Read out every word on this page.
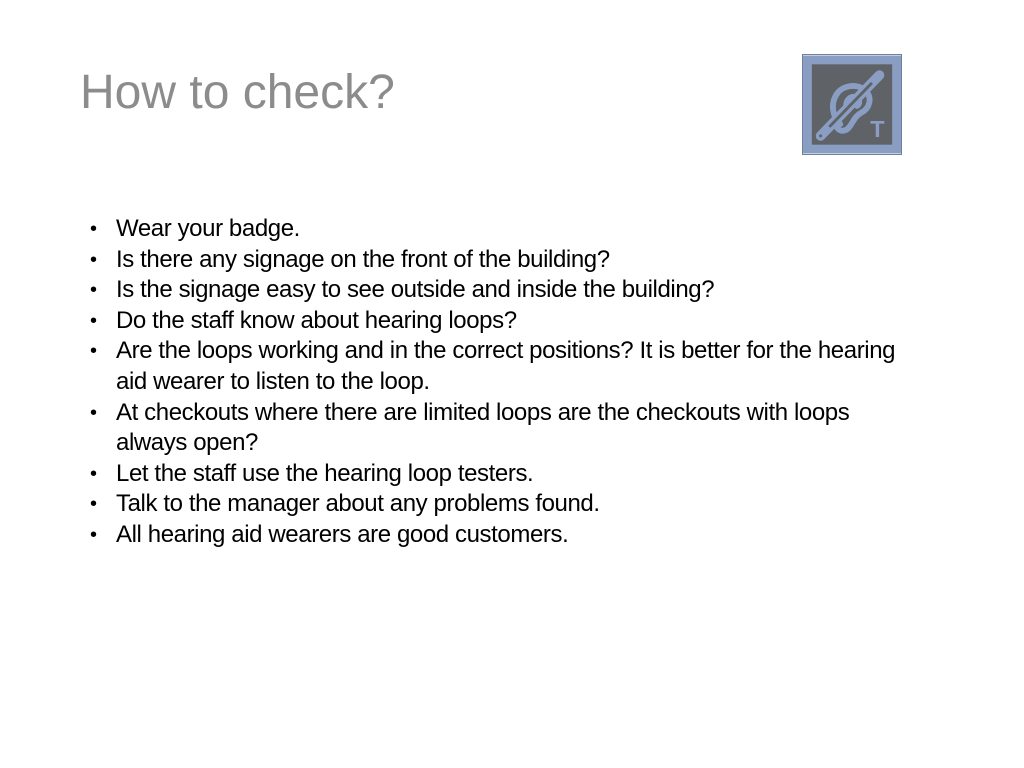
How to check?
T
• Wear your badge.
• Is there any signage on the front of the building?
• Is the signage easy to see outside and inside the building?
• Do the staff know about hearing loops?
• Are the loops working and in the correct positions? It is better for the hearing aid wearer to listen to the loop.
• At checkouts where there are limited loops are the checkouts with loops always open?
• Let the staff use the hearing loop testers.
• Talk to the manager about any problems found.
• All hearing aid wearers are good customers.
